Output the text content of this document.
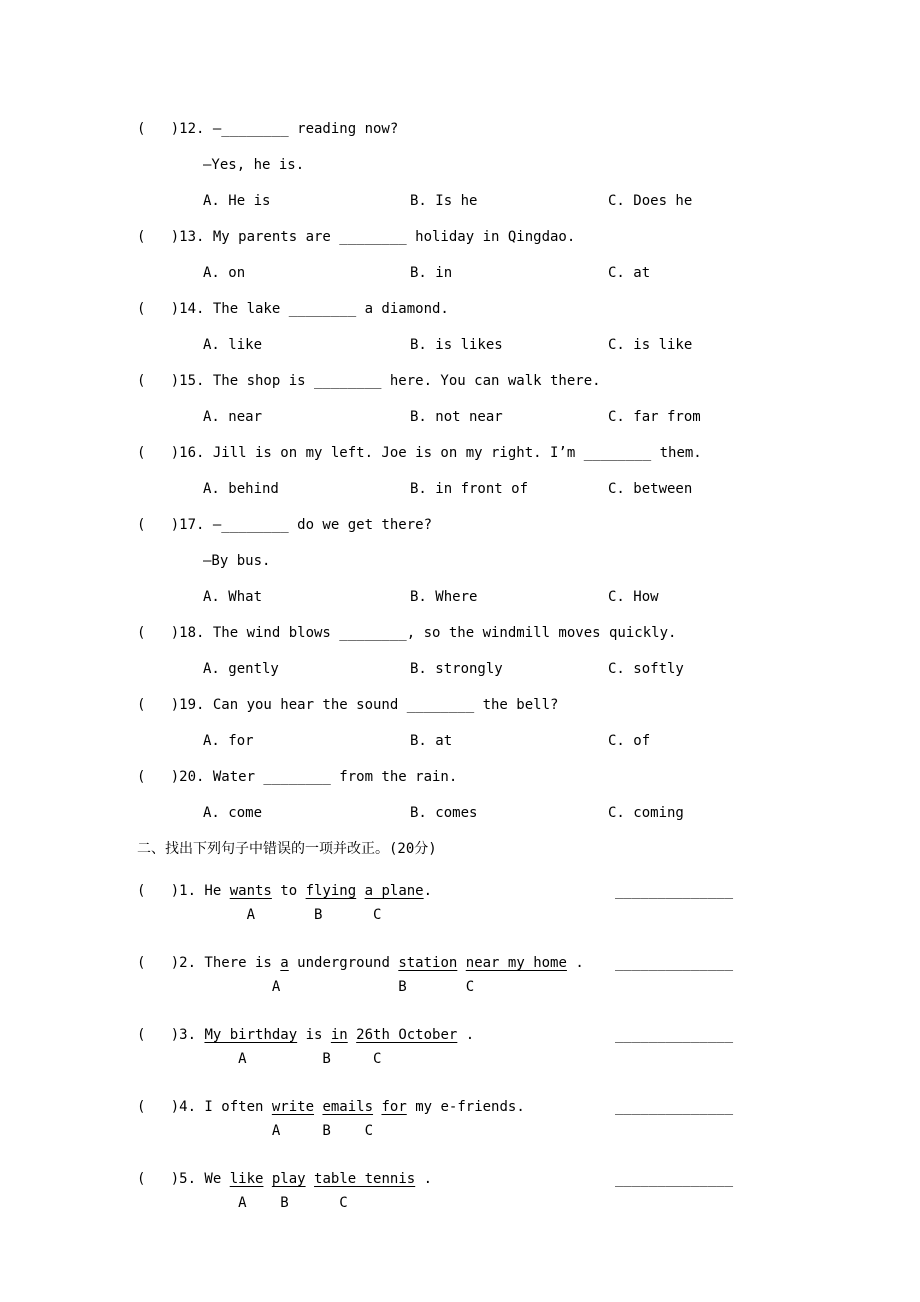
(   )12. —________ reading now?
—Yes, he is.
A. He is	B. Is he	C. Does he
(   )13. My parents are ________ holiday in Qingdao.
A. on	B. in	C. at
(   )14. The lake ________ a diamond.
A. like	B. is likes	C. is like
(   )15. The shop is ________ here. You can walk there.
A. near	B. not near	C. far from
(   )16. Jill is on my left. Joe is on my right. I’m ________ them.
A. behind	B. in front of	C. between
(   )17. —________ do we get there?
—By bus.
A. What	B. Where	C. How
(   )18. The wind blows ________, so the windmill moves quickly.
A. gently	B. strongly	C. softly
(   )19. Can you hear the sound ________ the bell?
A. for	B. at	C. of
(   )20. Water ________ from the rain.
A. come	B. comes	C. coming
二、找出下列句子中错误的一项并改正。(20分)
(   )1. He wants to flying a plane.	______________
A       B      C
(   )2. There is a underground station near my home . ______________
A              B       C
(   )3. My birthday is in 26th October .	______________
A         B     C
(   )4. I often write emails for my e-friends.	______________
A     B    C
(   )5. We like play table tennis .	______________
A    B      C
